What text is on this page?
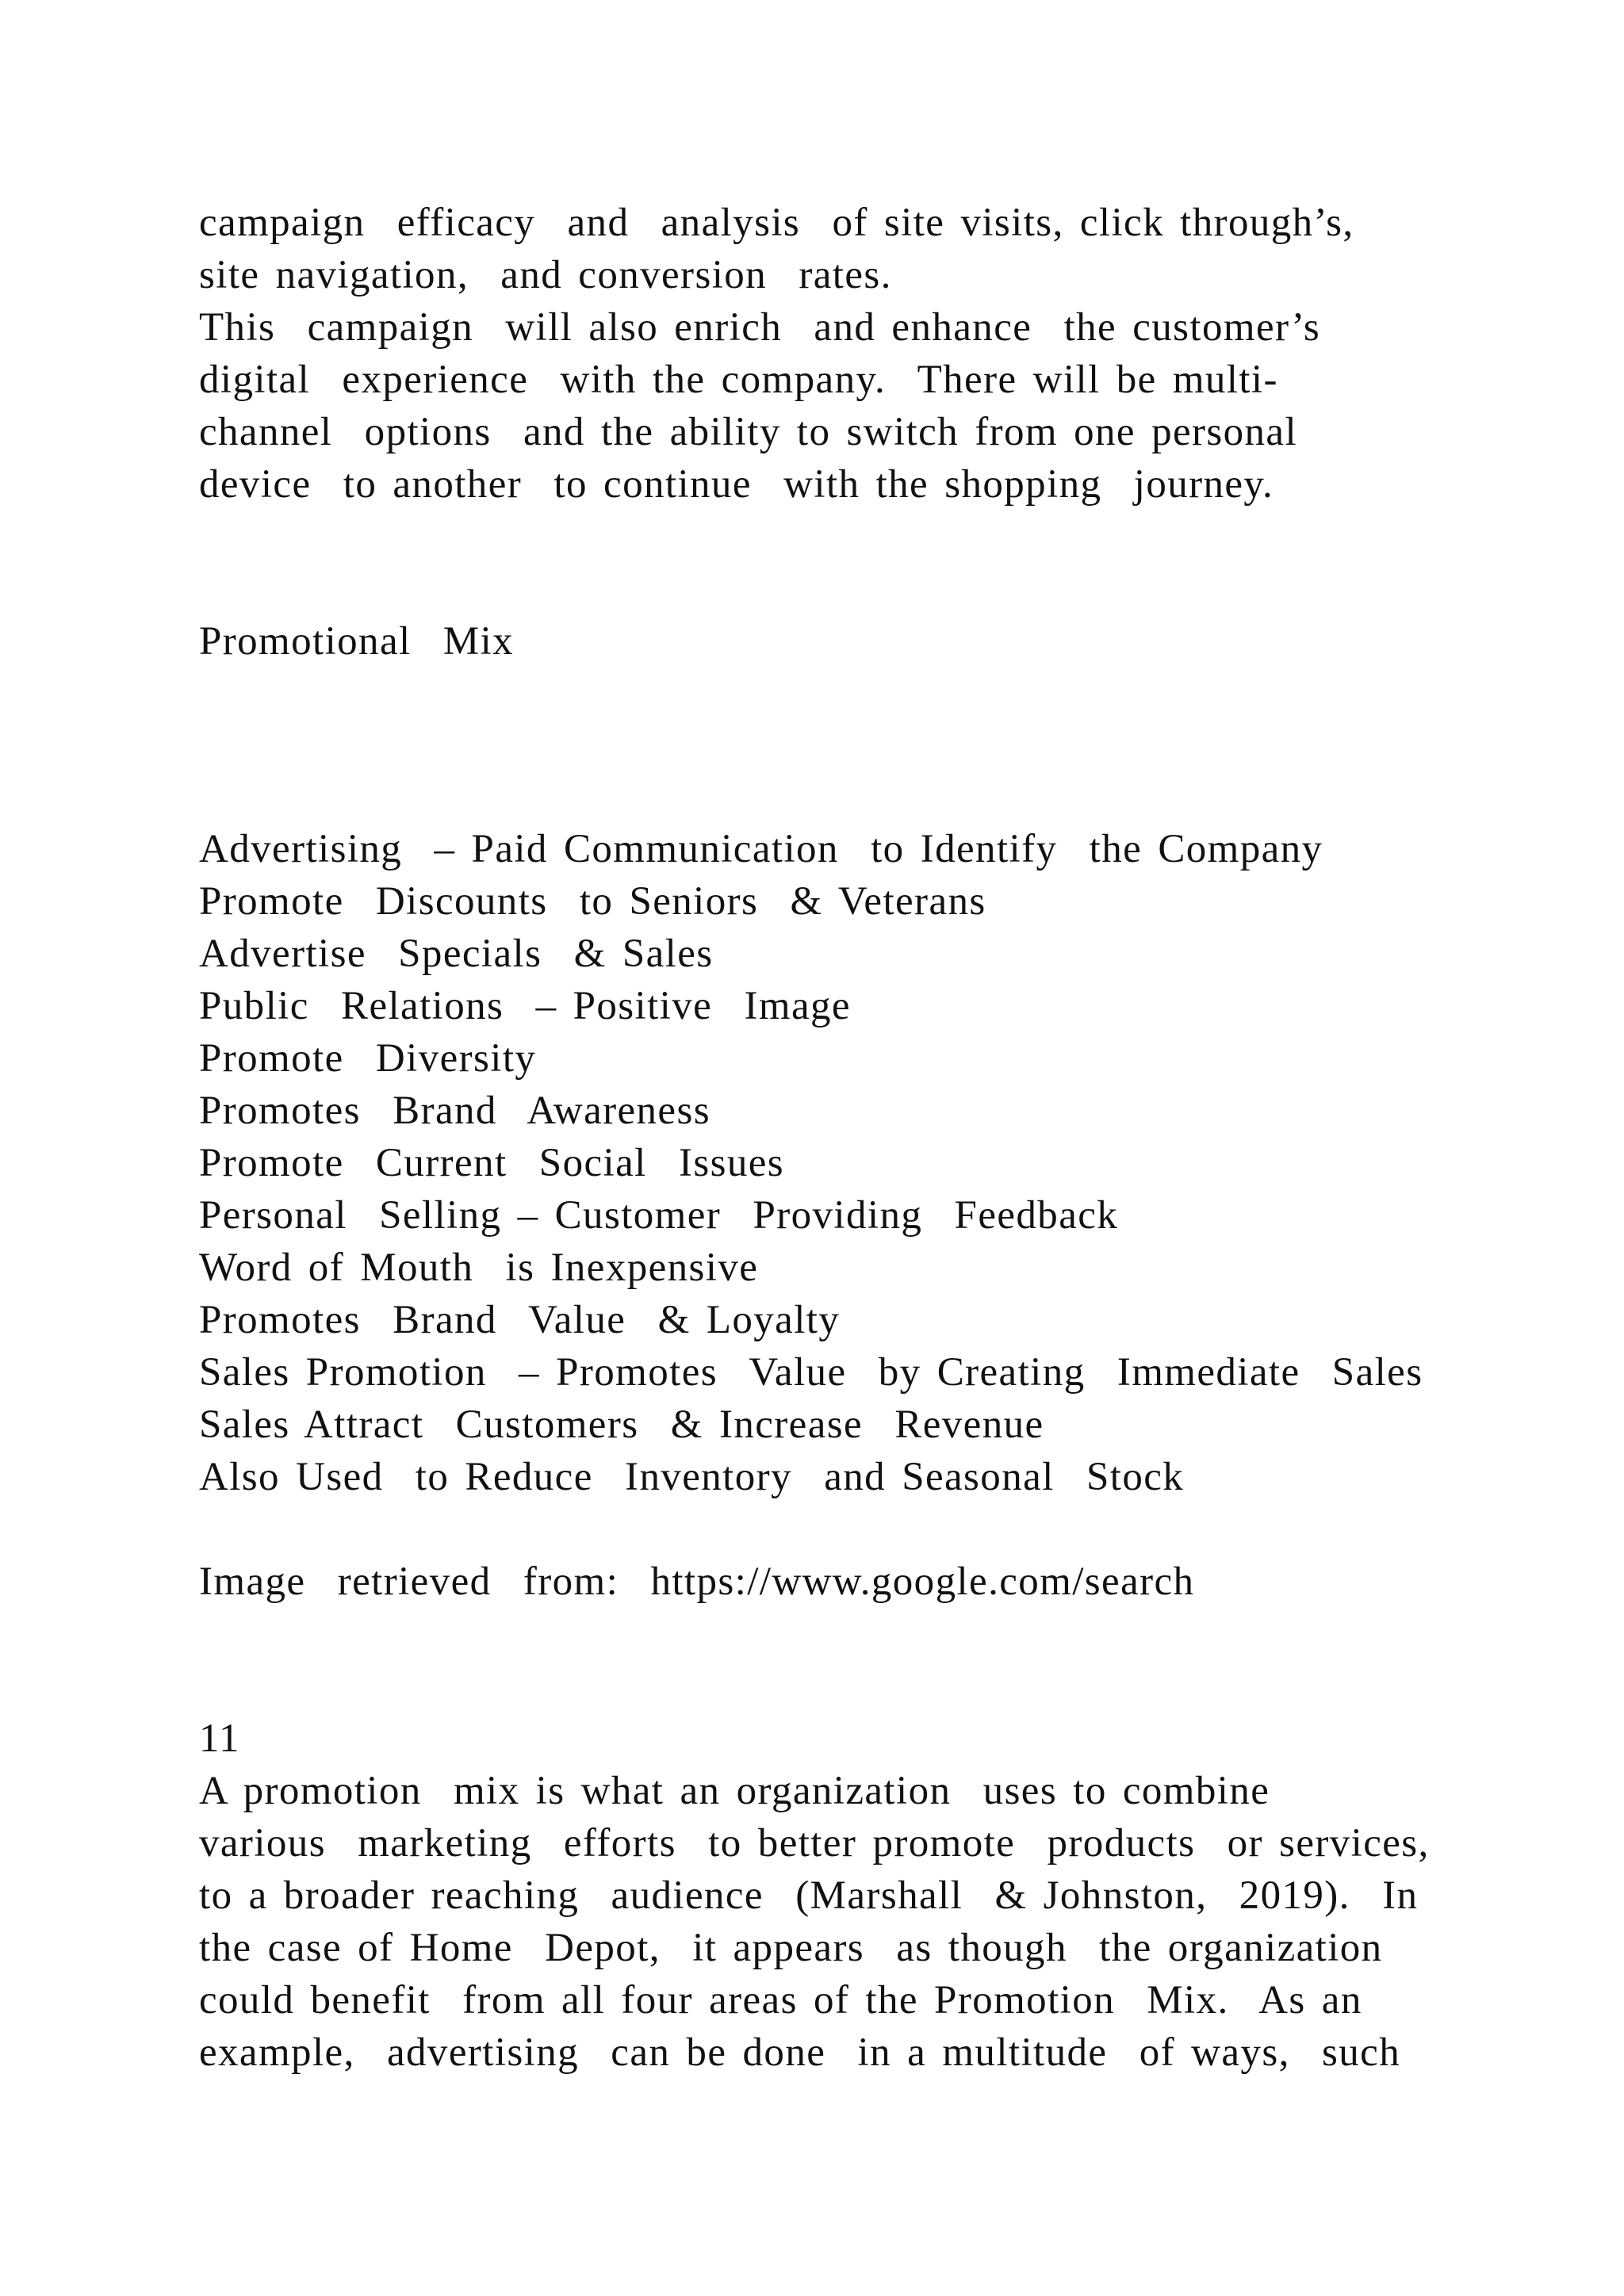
campaign  efficacy  and  analysis  of site visits, click through’s,

site navigation,  and conversion  rates.

This  campaign  will also enrich  and enhance  the customer’s

digital  experience  with the company.  There will be multi-

channel  options  and the ability to switch from one personal

device  to another  to continue  with the shopping  journey.

Promotional  Mix

Advertising  – Paid Communication  to Identify  the Company

Promote  Discounts  to Seniors  & Veterans

Advertise  Specials  & Sales

Public  Relations  – Positive  Image

Promote  Diversity

Promotes  Brand  Awareness

Promote  Current  Social  Issues

Personal  Selling – Customer  Providing  Feedback

Word of Mouth  is Inexpensive

Promotes  Brand  Value  & Loyalty

Sales Promotion  – Promotes  Value  by Creating  Immediate  Sales

Sales Attract  Customers  & Increase  Revenue

Also Used  to Reduce  Inventory  and Seasonal  Stock

Image  retrieved  from:  https://www.google.com/search

11

A promotion  mix is what an organization  uses to combine

various  marketing  efforts  to better promote  products  or services,

to a broader reaching  audience  (Marshall  & Johnston,  2019).  In

the case of Home  Depot,  it appears  as though  the organization

could benefit  from all four areas of the Promotion  Mix.  As an

example,  advertising  can be done  in a multitude  of ways,  such
